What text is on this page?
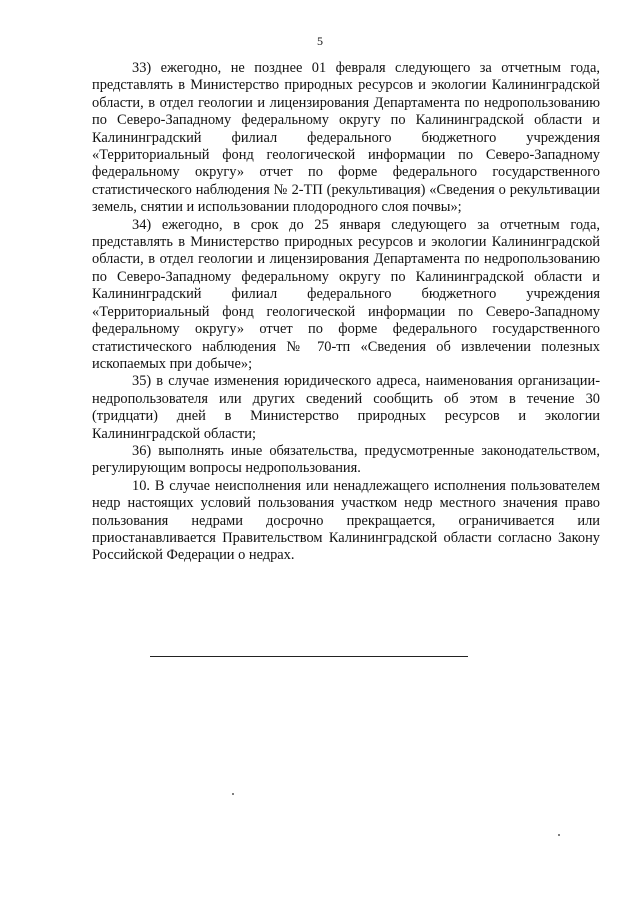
5

33) ежегодно, не позднее 01 февраля следующего за отчетным года, представлять в Министерство природных ресурсов и экологии Калининградской области, в отдел геологии и лицензирования Департамента по недропользованию по Северо-Западному федеральному округу по Калининградской области и Калининградский филиал федерального бюджетного учреждения «Территориальный фонд геологической информации по Северо-Западному федеральному округу» отчет по форме федерального государственного статистического наблюдения № 2-ТП (рекультивация) «Сведения о рекультивации земель, снятии и использовании плодородного слоя почвы»;

34) ежегодно, в срок до 25 января следующего за отчетным года, представлять в Министерство природных ресурсов и экологии Калининградской области, в отдел геологии и лицензирования Департамента по недропользованию по Северо-Западному федеральному округу по Калининградской области и Калининградский филиал федерального бюджетного учреждения «Территориальный фонд геологической информации по Северо-Западному федеральному округу» отчет по форме федерального государственного статистического наблюдения № 70-тп «Сведения об извлечении полезных ископаемых при добыче»;

35) в случае изменения юридического адреса, наименования организации-недропользователя или других сведений сообщить об этом в течение 30 (тридцати) дней в Министерство природных ресурсов и экологии Калининградской области;

36) выполнять иные обязательства, предусмотренные законодательством, регулирующим вопросы недропользования.

10. В случае неисполнения или ненадлежащего исполнения пользователем недр настоящих условий пользования участком недр местного значения право пользования недрами досрочно прекращается, ограничивается или приостанавливается Правительством Калининградской области согласно Закону Российской Федерации о недрах.
